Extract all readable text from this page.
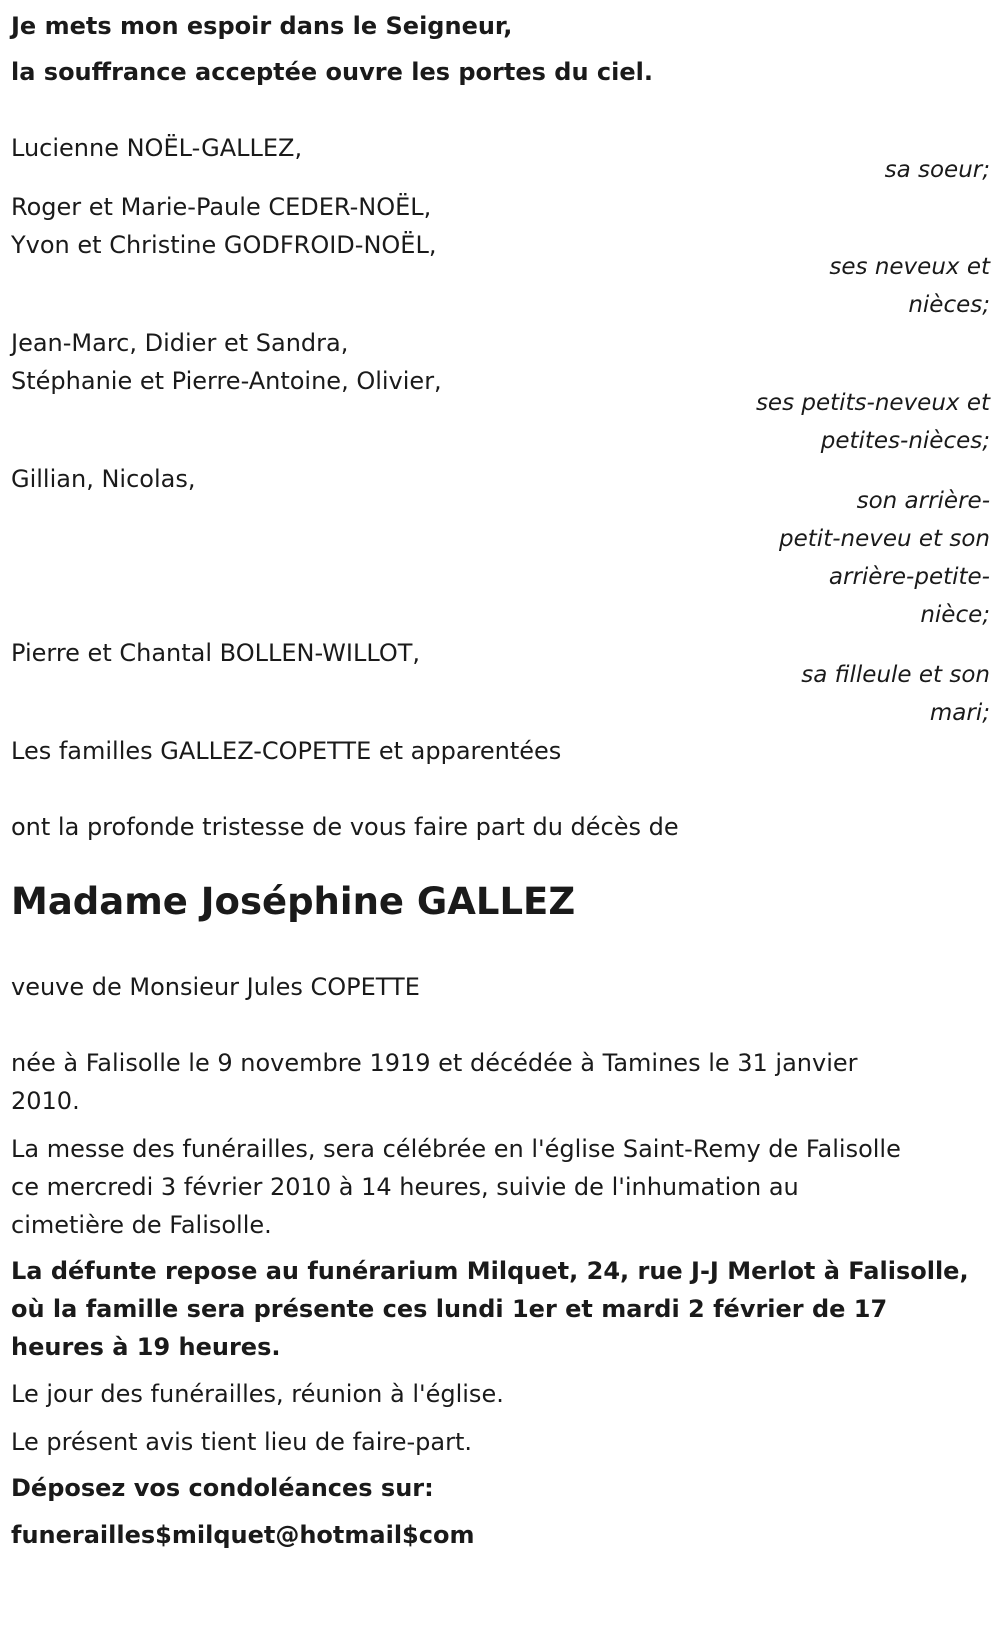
Je mets mon espoir dans le Seigneur,

la souffrance acceptée ouvre les portes du ciel.

Lucienne NOËL-GALLEZ,

sa soeur;

Roger et Marie-Paule CEDER-NOËL,

Yvon et Christine GODFROID-NOËL,

ses neveux et

nièces;

Jean-Marc, Didier et Sandra,

Stéphanie et Pierre-Antoine, Olivier,

ses petits-neveux et

petites-nièces;

Gillian, Nicolas,

son arrière-

petit-neveu et son

arrière-petite-

nièce;

Pierre et Chantal BOLLEN-WILLOT,

sa filleule et son

mari;

Les familles GALLEZ-COPETTE et apparentées

ont la profonde tristesse de vous faire part du décès de

Madame Joséphine GALLEZ

veuve de Monsieur Jules COPETTE

née à Falisolle le 9 novembre 1919 et décédée à Tamines le 31 janvier

2010.

La messe des funérailles, sera célébrée en l'église Saint-Remy de Falisolle

ce mercredi 3 février 2010 à 14 heures, suivie de l'inhumation au

cimetière de Falisolle.

La défunte repose au funérarium Milquet, 24, rue J-J Merlot à Falisolle,

où la famille sera présente ces lundi 1er et mardi 2 février de 17

heures à 19 heures.

Le jour des funérailles, réunion à l'église.

Le présent avis tient lieu de faire-part.

Déposez vos condoléances sur:

funerailles$milquet@hotmail$com
